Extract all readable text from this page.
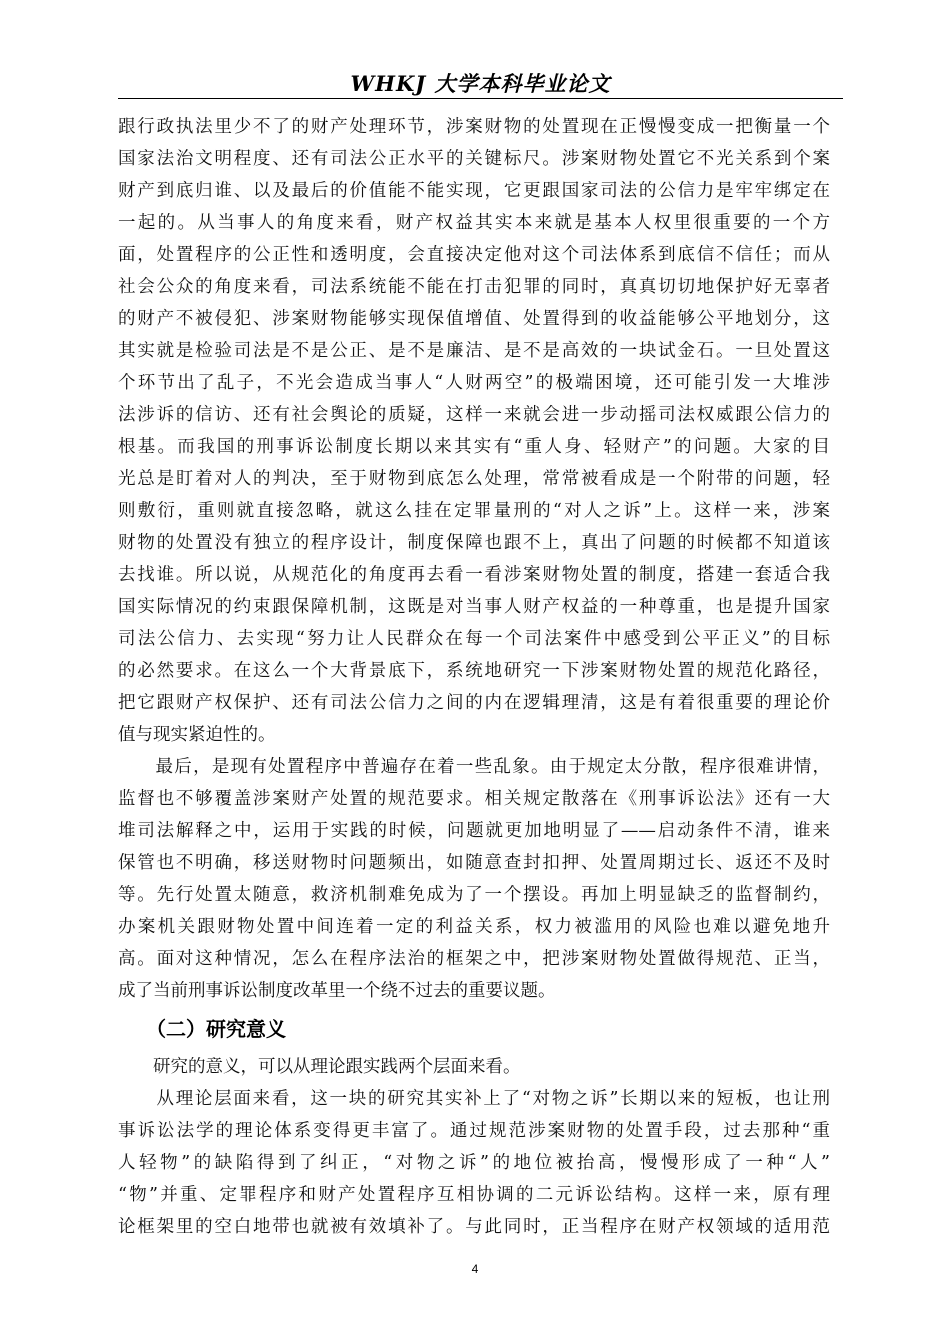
WHKJ 大学本科毕业论文
跟行政执法里少不了的财产处理环节，涉案财物的处置现在正慢慢变成一把衡量一个
国家法治文明程度、还有司法公正水平的关键标尺。涉案财物处置它不光关系到个案
财产到底归谁、以及最后的价值能不能实现，它更跟国家司法的公信力是牢牢绑定在
一起的。从当事人的角度来看，财产权益其实本来就是基本人权里很重要的一个方
面，处置程序的公正性和透明度，会直接决定他对这个司法体系到底信不信任；而从
社会公众的角度来看，司法系统能不能在打击犯罪的同时，真真切切地保护好无辜者
的财产不被侵犯、涉案财物能够实现保值增值、处置得到的收益能够公平地划分，这
其实就是检验司法是不是公正、是不是廉洁、是不是高效的一块试金石。一旦处置这
个环节出了乱子，不光会造成当事人“人财两空”的极端困境，还可能引发一大堆涉
法涉诉的信访、还有社会舆论的质疑，这样一来就会进一步动摇司法权威跟公信力的
根基。而我国的刑事诉讼制度长期以来其实有“重人身、轻财产”的问题。大家的目
光总是盯着对人的判决，至于财物到底怎么处理，常常被看成是一个附带的问题，轻
则敷衍，重则就直接忽略，就这么挂在定罪量刑的“对人之诉”上。这样一来，涉案
财物的处置没有独立的程序设计，制度保障也跟不上，真出了问题的时候都不知道该
去找谁。所以说，从规范化的角度再去看一看涉案财物处置的制度，搭建一套适合我
国实际情况的约束跟保障机制，这既是对当事人财产权益的一种尊重，也是提升国家
司法公信力、去实现“努力让人民群众在每一个司法案件中感受到公平正义”的目标
的必然要求。在这么一个大背景底下，系统地研究一下涉案财物处置的规范化路径，
把它跟财产权保护、还有司法公信力之间的内在逻辑理清，这是有着很重要的理论价
值与现实紧迫性的。
　　最后，是现有处置程序中普遍存在着一些乱象。由于规定太分散，程序很难讲情，
监督也不够覆盖涉案财产处置的规范要求。相关规定散落在《刑事诉讼法》还有一大
堆司法解释之中，运用于实践的时候，问题就更加地明显了——启动条件不清，谁来
保管也不明确，移送财物时问题频出，如随意查封扣押、处置周期过长、返还不及时
等。先行处置太随意，救济机制难免成为了一个摆设。再加上明显缺乏的监督制约，
办案机关跟财物处置中间连着一定的利益关系，权力被滥用的风险也难以避免地升
高。面对这种情况，怎么在程序法治的框架之中，把涉案财物处置做得规范、正当，
成了当前刑事诉讼制度改革里一个绕不过去的重要议题。
（二）研究意义
　　研究的意义，可以从理论跟实践两个层面来看。
　　从理论层面来看，这一块的研究其实补上了“对物之诉”长期以来的短板，也让刑
事诉讼法学的理论体系变得更丰富了。通过规范涉案财物的处置手段，过去那种“重
人轻物”的缺陷得到了纠正，“对物之诉”的地位被抬高，慢慢形成了一种“人”
“物”并重、定罪程序和财产处置程序互相协调的二元诉讼结构。这样一来，原有理
论框架里的空白地带也就被有效填补了。与此同时，正当程序在财产权领域的适用范
4
